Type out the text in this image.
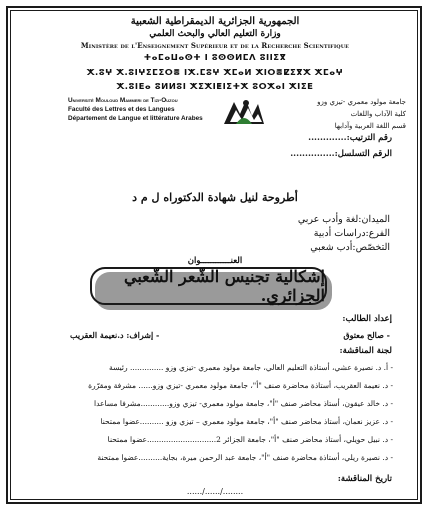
الجمهورية الجزائرية الديمقراطية الشعبية
وزارة التعليم العالي والبحث العلمي
Ministère de l'Enseignement Supérieur et de la Recherche Scientifique
ⵜⴰⵎⴰⵡⴰⵙⵜ ⵏ ⵓⵙⵙⵍⵎⴷ ⵓⵏⵏⵉⴳ
ⵅ.ⵓⵖ ⵅ.ⵓⵏⵖⵉⵎⵉⵔⴻ ⵏⵅ.ⵎⵓⵖ ⵅⵎⴰⵍ ⵅⵏⵔⴻⵇⵉⴳⵅ ⵅⵎⴰⵖ
ⵅ.ⵓⵏⴹⴰ ⵓⵍⵍⵓⵏ ⵅⵉⵅⵏⵟⵏⵉⵜⵅ ⵓⵔⵅⴰⵏ ⵅⵏⵉⴹ
Université Mouloud Mammeri de Tizi-Ouzou
Faculté des Lettres et des Langues
Département de Langue et littérature Arabes
جامعة مولود معمري -تيزي وزو
كلية الآداب واللغات
قسم اللغة العربية وآدابها
رقم الترتيب:.............
الرقم التسلسل:...............
أطروحة لنيل شهادة الدكتوراه ل م د
الميدان:لغة وأدب عربي
الفرع:دراسات أدبية
التخصّص:أدب شعبي
العنــــــــــــوان
إشكالية تجنيس الشّعر الشّعبي الجزائري.
إعداد الطالب:
- صالح معتوق
- إشراف: د.نعيمة العقريب
لجنة المناقشة:
- أ. د. نصيرة عشي، أستاذة التعليم العالي، جامعة مولود معمري -تيزي وزو .............. رئيسة
- د. نعيمة العقريب، أستاذة محاضرة صنف "أ"، جامعة مولود معمري -تيزي وزو...... مشرفة ومقرّرة
- د. خالد عيقون، أستاذ محاضر صنف "أ"، جامعة مولود معمري- تيزي وزو............مشرفا مساعدا
- د. عزيز نعمان، أستاذ محاضر صنف "أ"، جامعة مولود معمري – تيزي وزو ..........عضوا ممتحنا
- د. نبيل حويلي، أستاذ محاضر صنف "أ"، جامعة الجزائر 2.............................عضوا ممتحنا
- د. نصيرة ريلي، أستاذة محاضرة صنف "أ"، جامعة عبد الرحمن ميرة، بجاية..........عضوا ممتحنة
تاريخ المناقشة:
....../....../........
